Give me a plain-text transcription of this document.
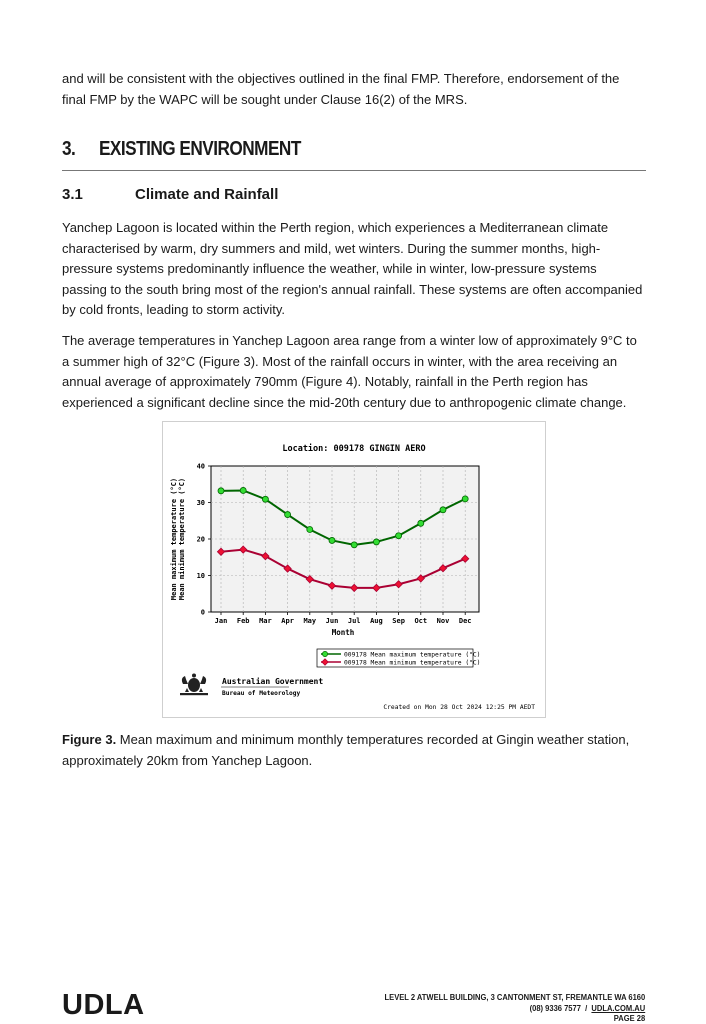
and will be consistent with the objectives outlined in the final FMP. Therefore, endorsement of the final FMP by the WAPC will be sought under Clause 16(2) of the MRS.

3. EXISTING ENVIRONMENT
3.1	Climate and Rainfall

Yanchep Lagoon is located within the Perth region, which experiences a Mediterranean climate characterised by warm, dry summers and mild, wet winters. During the summer months, high-pressure systems predominantly influence the weather, while in winter, low-pressure systems passing to the south bring most of the region's annual rainfall. These systems are often accompanied by cold fronts, leading to storm activity.

The average temperatures in Yanchep Lagoon area range from a winter low of approximately 9°C to a summer high of 32°C (Figure 3). Most of the rainfall occurs in winter, with the area receiving an annual average of approximately 790mm (Figure 4). Notably, rainfall in the Perth region has experienced a significant decline since the mid-20th century due to anthropogenic climate change.

Location: 009178 GINGIN AERO
0
10
20
30
40
Jan Feb Mar Apr May Jun Jul Aug Sep Oct Nov Dec
Mean maximum temperature (°C) Mean minimum temperature (°C)
Month
009178 Mean maximum temperature (°C)
009178 Mean minimum temperature (°C)
Australian Government
Bureau of Meteorology
Created on Mon 28 Oct 2024 12:25 PM AEDT

Figure 3. Mean maximum and minimum monthly temperatures recorded at Gingin weather station, approximately 20km from Yanchep Lagoon.

UDLA	LEVEL 2 ATWELL BUILDING, 3 CANTONMENT ST, FREMANTLE WA 6160
(08) 9336 7577 / UDLA.COM.AU
PAGE 28
